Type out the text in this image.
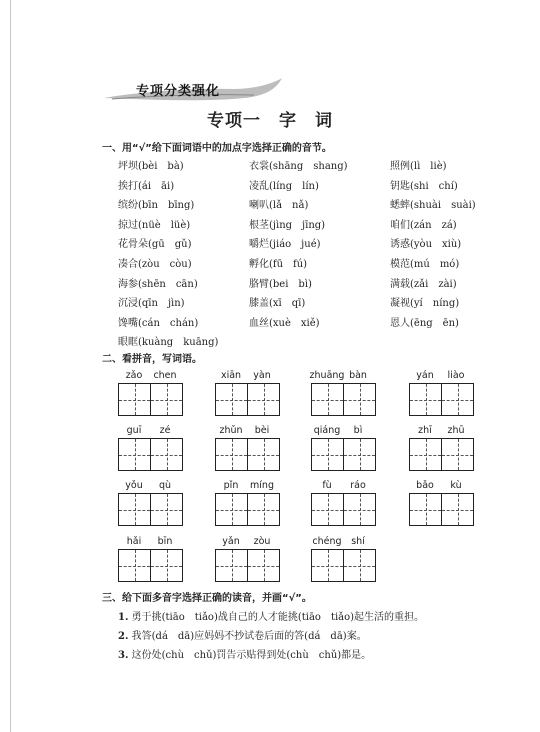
专项分类强化
专项一　字　词
一、用“√”给下面词语中的加点字选择正确的音节。
坪坝(bèi　bà)	衣裳(shāng　shang)	照例(lì　liè)
挨打(ái　āi)	凌乱(líng　lín)	钥匙(shi　chí)
缤纷(bīn　bīng)	喇叭(lǎ　nǎ)	蟋蟀(shuài　suài)
掠过(nüè　lüè)	根茎(jìng　jīng)	咱们(zán　zá)
花骨朵(gū　gǔ)	嚼烂(jiáo　jué)	诱惑(yòu　xiù)
凑合(zòu　còu)	孵化(fū　fú)	模范(mú　mó)
海参(shēn　cān)	胳臂(bei　bì)	满载(zǎi　zài)
沉浸(qīn　jìn)	膝盖(xī　qī)	凝视(yí　níng)
馋嘴(cán　chán)	血丝(xuè　xiě)	恩人(ēng　ēn)
眼眶(kuàng　kuāng)
二、看拼音，写词语。
zǎo chen	xiān yàn	zhuāng bàn	yán liào
guī zé	zhǔn bèi	qiáng bì	zhī zhū
yǒu qù	pǐn míng	fù ráo	bǎo kù
hǎi bīn	yǎn zòu	chéng shí
三、给下面多音字选择正确的读音，并画“√”。
1. 勇于挑(tiāo　tiǎo)战自己的人才能挑(tiāo　tiǎo)起生活的重担。
2. 我答(dá　dā)应妈妈不抄试卷后面的答(dá　dā)案。
3. 这份处(chù　chǔ)罚告示贴得到处(chù　chǔ)都是。
